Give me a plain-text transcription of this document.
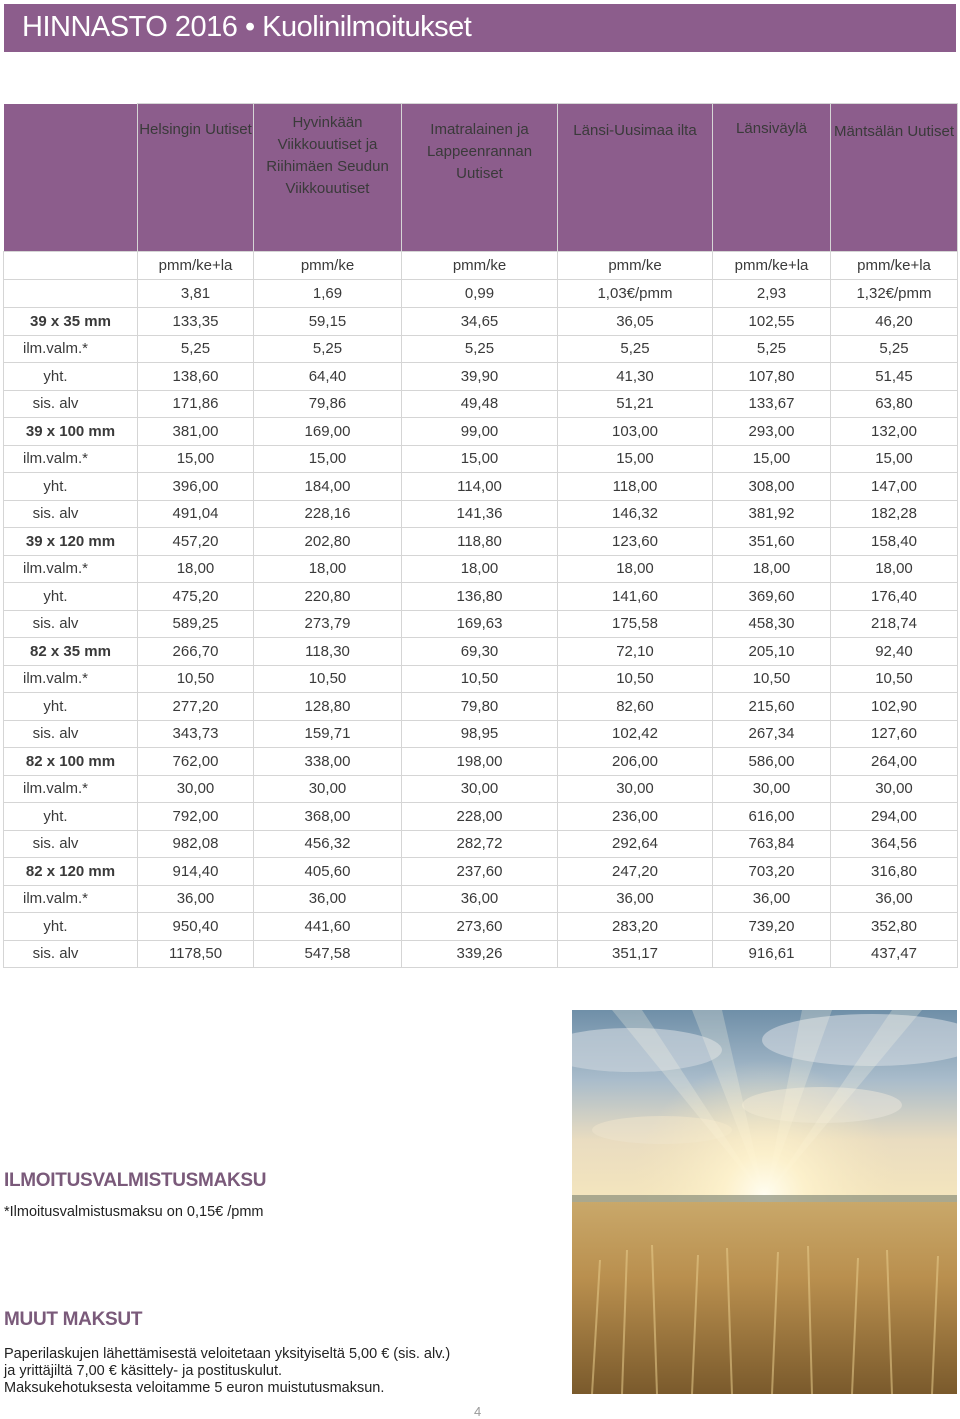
HINNASTO 2016 • Kuolinilmoitukset

	Helsingin Uutiset	Hyvinkään Viikkouutiset ja Riihimäen Seudun Viikkouutiset	Imatralainen ja Lappeenrannan Uutiset	Länsi-Uusimaa ilta	Länsiväylä	Mäntsälän Uutiset

	pmm/ke+la	pmm/ke	pmm/ke	pmm/ke	pmm/ke+la	pmm/ke+la
	3,81	1,69	0,99	1,03€/pmm	2,93	1,32€/pmm
39 x 35 mm	133,35	59,15	34,65	36,05	102,55	46,20
ilm.valm.*	5,25	5,25	5,25	5,25	5,25	5,25
yht.	138,60	64,40	39,90	41,30	107,80	51,45
sis. alv	171,86	79,86	49,48	51,21	133,67	63,80
39 x 100 mm	381,00	169,00	99,00	103,00	293,00	132,00
ilm.valm.*	15,00	15,00	15,00	15,00	15,00	15,00
yht.	396,00	184,00	114,00	118,00	308,00	147,00
sis. alv	491,04	228,16	141,36	146,32	381,92	182,28
39 x 120 mm	457,20	202,80	118,80	123,60	351,60	158,40
ilm.valm.*	18,00	18,00	18,00	18,00	18,00	18,00
yht.	475,20	220,80	136,80	141,60	369,60	176,40
sis. alv	589,25	273,79	169,63	175,58	458,30	218,74
82 x 35 mm	266,70	118,30	69,30	72,10	205,10	92,40
ilm.valm.*	10,50	10,50	10,50	10,50	10,50	10,50
yht.	277,20	128,80	79,80	82,60	215,60	102,90
sis. alv	343,73	159,71	98,95	102,42	267,34	127,60
82 x 100 mm	762,00	338,00	198,00	206,00	586,00	264,00
ilm.valm.*	30,00	30,00	30,00	30,00	30,00	30,00
yht.	792,00	368,00	228,00	236,00	616,00	294,00
sis. alv	982,08	456,32	282,72	292,64	763,84	364,56
82 x 120 mm	914,40	405,60	237,60	247,20	703,20	316,80
ilm.valm.*	36,00	36,00	36,00	36,00	36,00	36,00
yht.	950,40	441,60	273,60	283,20	739,20	352,80
sis. alv	1178,50	547,58	339,26	351,17	916,61	437,47
ILMOITUSVALMISTUSMAKSU
*Ilmoitusvalmistusmaksu on 0,15€ /pmm
MUUT MAKSUT
Paperilaskujen lähettämisestä veloitetaan yksityiseltä 5,00 € (sis. alv.)
ja yrittäjiltä 7,00 € käsittely- ja postituskulut.
Maksukehotuksesta veloitamme 5 euron muistutusmaksun.
4
